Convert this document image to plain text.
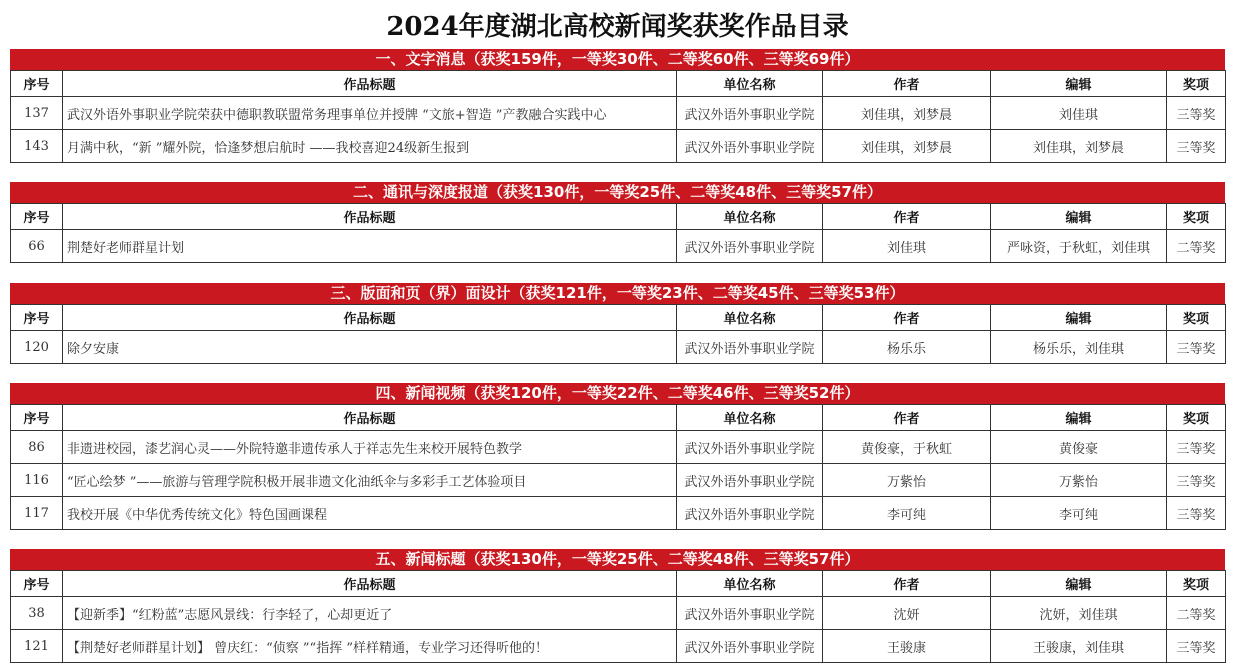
2024年度湖北高校新闻奖获奖作品目录
一、文字消息（获奖159件，一等奖30件、二等奖60件、三等奖69件）
序号	作品标题	单位名称	作者	编辑	奖项
137	武汉外语外事职业学院荣获中德职教联盟常务理事单位并授牌 “文旅+智造 ”产教融合实践中心	武汉外语外事职业学院	刘佳琪，刘梦晨	刘佳琪	三等奖
143	月满中秋，“新 ”耀外院，恰逢梦想启航时 ——我校喜迎24级新生报到	武汉外语外事职业学院	刘佳琪，刘梦晨	刘佳琪，刘梦晨	三等奖
二、通讯与深度报道（获奖130件，一等奖25件、二等奖48件、三等奖57件）
序号	作品标题	单位名称	作者	编辑	奖项
66	荆楚好老师群星计划	武汉外语外事职业学院	刘佳琪	严咏资，于秋虹，刘佳琪	二等奖
三、版面和页（界）面设计（获奖121件，一等奖23件、二等奖45件、三等奖53件）
序号	作品标题	单位名称	作者	编辑	奖项
120	除夕安康	武汉外语外事职业学院	杨乐乐	杨乐乐，刘佳琪	三等奖
四、新闻视频（获奖120件，一等奖22件、二等奖46件、三等奖52件）
序号	作品标题	单位名称	作者	编辑	奖项
86	非遗进校园，漆艺润心灵——外院特邀非遗传承人于祥志先生来校开展特色教学	武汉外语外事职业学院	黄俊豪，于秋虹	黄俊豪	三等奖
116	“匠心绘梦 ”——旅游与管理学院积极开展非遗文化油纸伞与多彩手工艺体验项目	武汉外语外事职业学院	万紫怡	万紫怡	三等奖
117	我校开展《中华优秀传统文化》特色国画课程	武汉外语外事职业学院	李可纯	李可纯	三等奖
五、新闻标题（获奖130件，一等奖25件、二等奖48件、三等奖57件）
序号	作品标题	单位名称	作者	编辑	奖项
38	【迎新季】“红粉蓝”志愿风景线：行李轻了，心却更近了	武汉外语外事职业学院	沈妍	沈妍，刘佳琪	二等奖
121	【荆楚好老师群星计划】 曾庆红：“侦察 ”“指挥 ”样样精通，专业学习还得听他的！	武汉外语外事职业学院	王骏康	王骏康，刘佳琪	三等奖
